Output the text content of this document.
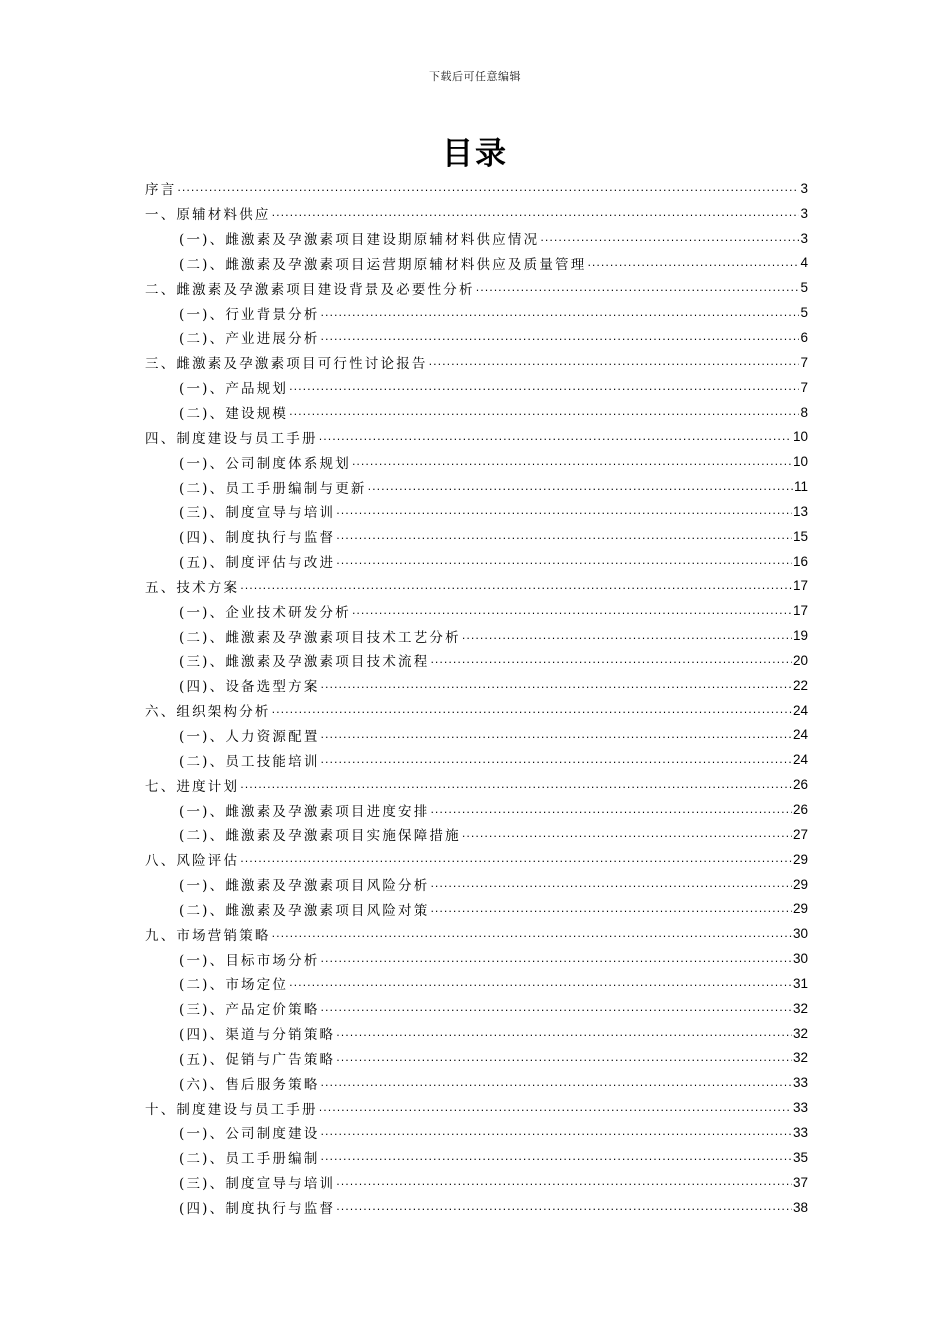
下载后可任意编辑
目录
序言 .....	3
一、原辅材料供应 .....	3
(一)、雌激素及孕激素项目建设期原辅材料供应情况 .....	3
(二)、雌激素及孕激素项目运营期原辅材料供应及质量管理 .....	4
二、雌激素及孕激素项目建设背景及必要性分析 .....	5
(一)、行业背景分析 .....	5
(二)、产业进展分析 .....	6
三、雌激素及孕激素项目可行性讨论报告 .....	7
(一)、产品规划 .....	7
(二)、建设规模 .....	8
四、制度建设与员工手册 .....	10
(一)、公司制度体系规划 .....	10
(二)、员工手册编制与更新 .....	11
(三)、制度宣导与培训 .....	13
(四)、制度执行与监督 .....	15
(五)、制度评估与改进 .....	16
五、技术方案 .....	17
(一)、企业技术研发分析 .....	17
(二)、雌激素及孕激素项目技术工艺分析 .....	19
(三)、雌激素及孕激素项目技术流程 .....	20
(四)、设备选型方案 .....	22
六、组织架构分析 .....	24
(一)、人力资源配置 .....	24
(二)、员工技能培训 .....	24
七、进度计划 .....	26
(一)、雌激素及孕激素项目进度安排 .....	26
(二)、雌激素及孕激素项目实施保障措施 .....	27
八、风险评估 .....	29
(一)、雌激素及孕激素项目风险分析 .....	29
(二)、雌激素及孕激素项目风险对策 .....	29
九、市场营销策略 .....	30
(一)、目标市场分析 .....	30
(二)、市场定位 .....	31
(三)、产品定价策略 .....	32
(四)、渠道与分销策略 .....	32
(五)、促销与广告策略 .....	32
(六)、售后服务策略 .....	33
十、制度建设与员工手册 .....	33
(一)、公司制度建设 .....	33
(二)、员工手册编制 .....	35
(三)、制度宣导与培训 .....	37
(四)、制度执行与监督 .....	38
